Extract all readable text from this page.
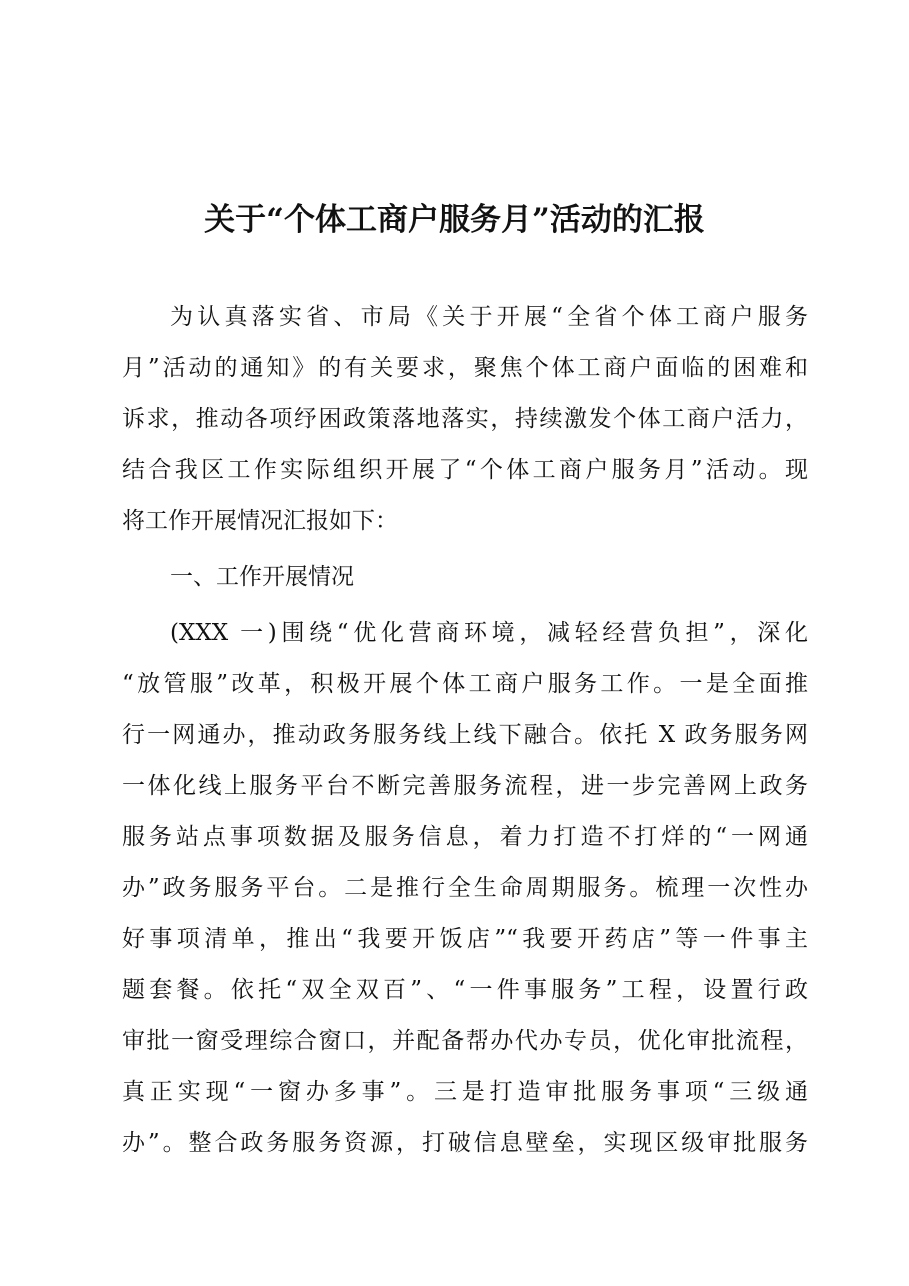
关于“个体工商户服务月”活动的汇报
为认真落实省、市局《关于开展“全省个体工商户服务
月”活动的通知》的有关要求，聚焦个体工商户面临的困难和
诉求，推动各项纾困政策落地落实，持续激发个体工商户活力，
结合我区工作实际组织开展了“个体工商户服务月”活动。现
将工作开展情况汇报如下：
一、工作开展情况
(XXX 一)围绕“优化营商环境，减轻经营负担”，深化
“放管服”改革，积极开展个体工商户服务工作。一是全面推
行一网通办，推动政务服务线上线下融合。依托 X 政务服务网
一体化线上服务平台不断完善服务流程，进一步完善网上政务
服务站点事项数据及服务信息，着力打造不打烊的“一网通
办”政务服务平台。二是推行全生命周期服务。梳理一次性办
好事项清单，推出“我要开饭店”“我要开药店”等一件事主
题套餐。依托“双全双百”、“一件事服务”工程，设置行政
审批一窗受理综合窗口，并配备帮办代办专员，优化审批流程，
真正实现“一窗办多事”。三是打造审批服务事项“三级通
办”。整合政务服务资源，打破信息壁垒，实现区级审批服务
